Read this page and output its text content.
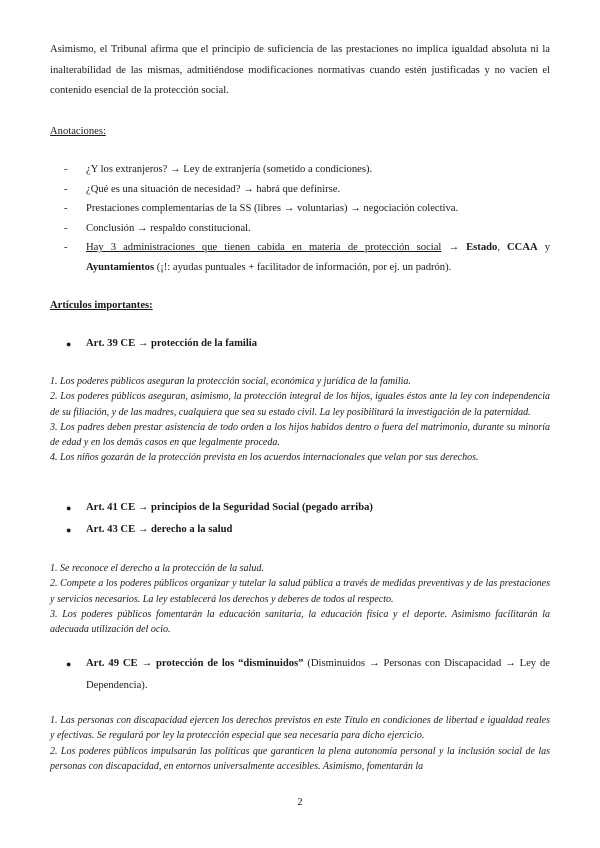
Asimismo, el Tribunal afirma que el principio de suficiencia de las prestaciones no implica igualdad absoluta ni la inalterabilidad de las mismas, admitiéndose modificaciones normativas cuando estén justificadas y no vacíen el contenido esencial de la protección social.

Anotaciones:

- ¿Y los extranjeros? → Ley de extranjería (sometido a condiciones).
- ¿Qué es una situación de necesidad? → habrá que definirse.
- Prestaciones complementarias de la SS (libres → voluntarias) → negociación colectiva.
- Conclusión → respaldo constitucional.
- Hay 3 administraciones que tienen cabida en materia de protección social → Estado, CCAA y Ayuntamientos (¡!: ayudas puntuales + facilitador de información, por ej. un padrón).

Artículos importantes:

● Art. 39 CE → protección de la familia
1. Los poderes públicos aseguran la protección social, económica y jurídica de la familia.
2. Los poderes públicos aseguran, asimismo, la protección integral de los hijos, iguales éstos ante la ley con independencia de su filiación, y de las madres, cualquiera que sea su estado civil. La ley posibilitará la investigación de la paternidad.
3. Los padres deben prestar asistencia de todo orden a los hijos habidos dentro o fuera del matrimonio, durante su minoría de edad y en los demás casos en que legalmente proceda.
4. Los niños gozarán de la protección prevista en los acuerdos internacionales que velan por sus derechos.
● Art. 41 CE → principios de la Seguridad Social (pegado arriba)
● Art. 43 CE → derecho a la salud
1. Se reconoce el derecho a la protección de la salud.
2. Compete a los poderes públicos organizar y tutelar la salud pública a través de medidas preventivas y de las prestaciones y servicios necesarios. La ley establecerá los derechos y deberes de todos al respecto.
3. Los poderes públicos fomentarán la educación sanitaria, la educación física y el deporte. Asimismo facilitarán la adecuada utilización del ocio.
● Art. 49 CE → protección de los “disminuidos” (Disminuidos → Personas con Discapacidad → Ley de Dependencia).
1. Las personas con discapacidad ejercen los derechos previstos en este Título en condiciones de libertad e igualdad reales y efectivas. Se regulará por ley la protección especial que sea necesaria para dicho ejercicio.
2. Los poderes públicos impulsarán las políticas que garanticen la plena autonomía personal y la inclusión social de las personas con discapacidad, en entornos universalmente accesibles. Asimismo, fomentarán la
2
